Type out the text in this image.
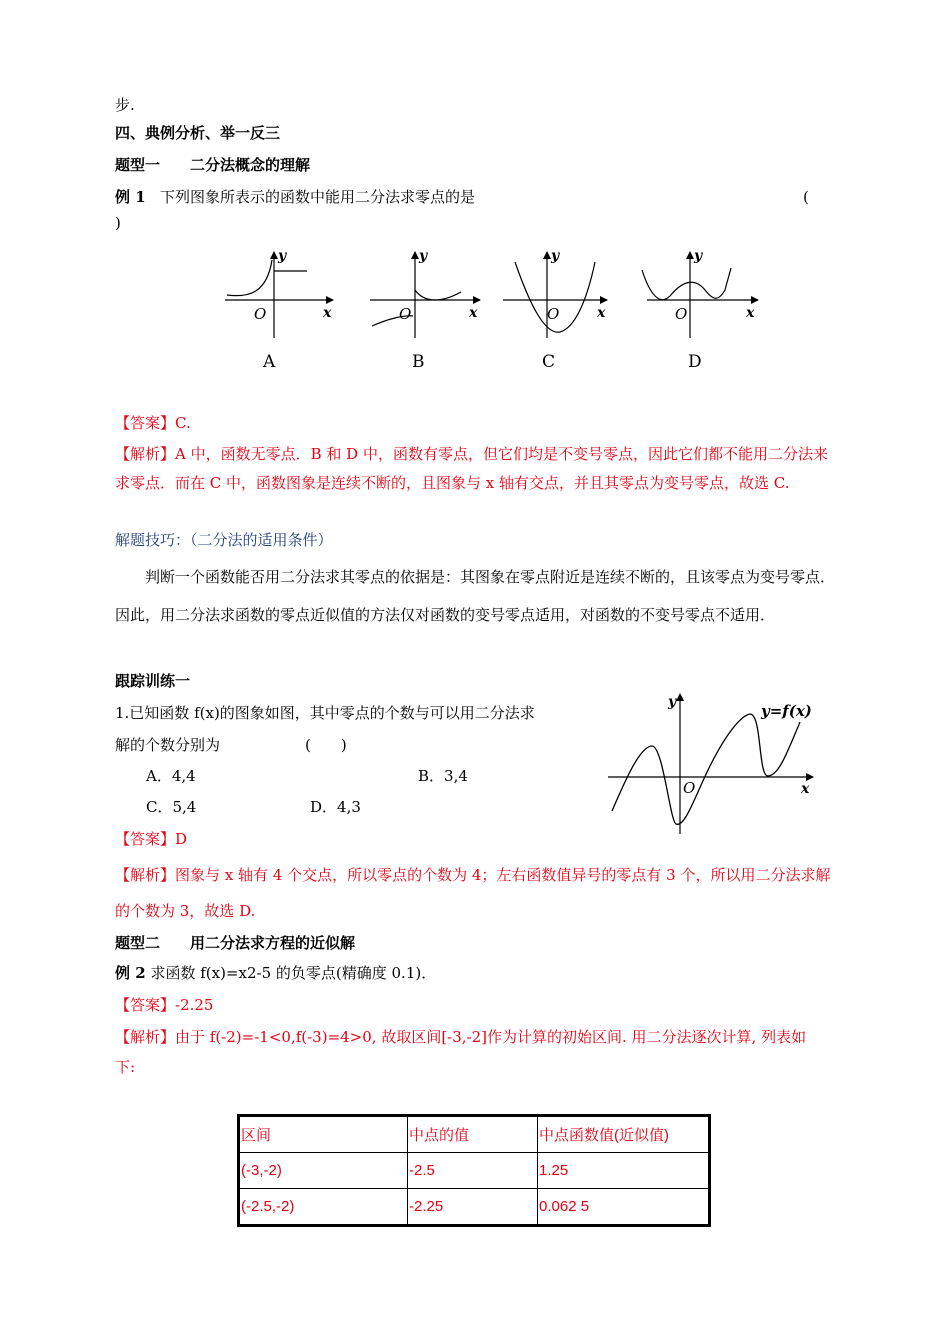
步.
四、典例分析、举一反三
题型一　　二分法概念的理解
例 1 下列图象所表示的函数中能用二分法求零点的是	(
)
y
x
O
A
y
x
O
B
y
x
O
C
y
x
O
D
【答案】C.
【解析】A 中，函数无零点．B 和 D 中，函数有零点，但它们均是不变号零点，因此它们都不能用二分法来求零点．而在 C 中，函数图象是连续不断的，且图象与 x 轴有交点，并且其零点为变号零点，故选 C.
解题技巧：（二分法的适用条件）
判断一个函数能否用二分法求其零点的依据是：其图象在零点附近是连续不断的，且该零点为变号零点．因此，用二分法求函数的零点近似值的方法仅对函数的变号零点适用，对函数的不变号零点不适用．
跟踪训练一
1.已知函数 f(x)的图象如图，其中零点的个数与可以用二分法求
解的个数分别为	(　　)
A．4,4	B．3,4
C．5,4	D．4,3
y
x
O
y=f(x)
【答案】D
【解析】图象与 x 轴有 4 个交点，所以零点的个数为 4；左右函数值异号的零点有 3 个，所以用二分法求解的个数为 3，故选 D.
题型二　　用二分法求方程的近似解
例 2 求函数 f(x)=x2-5 的负零点(精确度 0.1)．
【答案】-2.25
【解析】由于 f(-2)=-1<0,f(-3)=4>0, 故取区间[-3,-2]作为计算的初始区间. 用二分法逐次计算, 列表如
下:
区间	中点的值	中点函数值(近似值)
(-3,-2)	-2.5	1.25
(-2.5,-2)	-2.25	0.062 5
